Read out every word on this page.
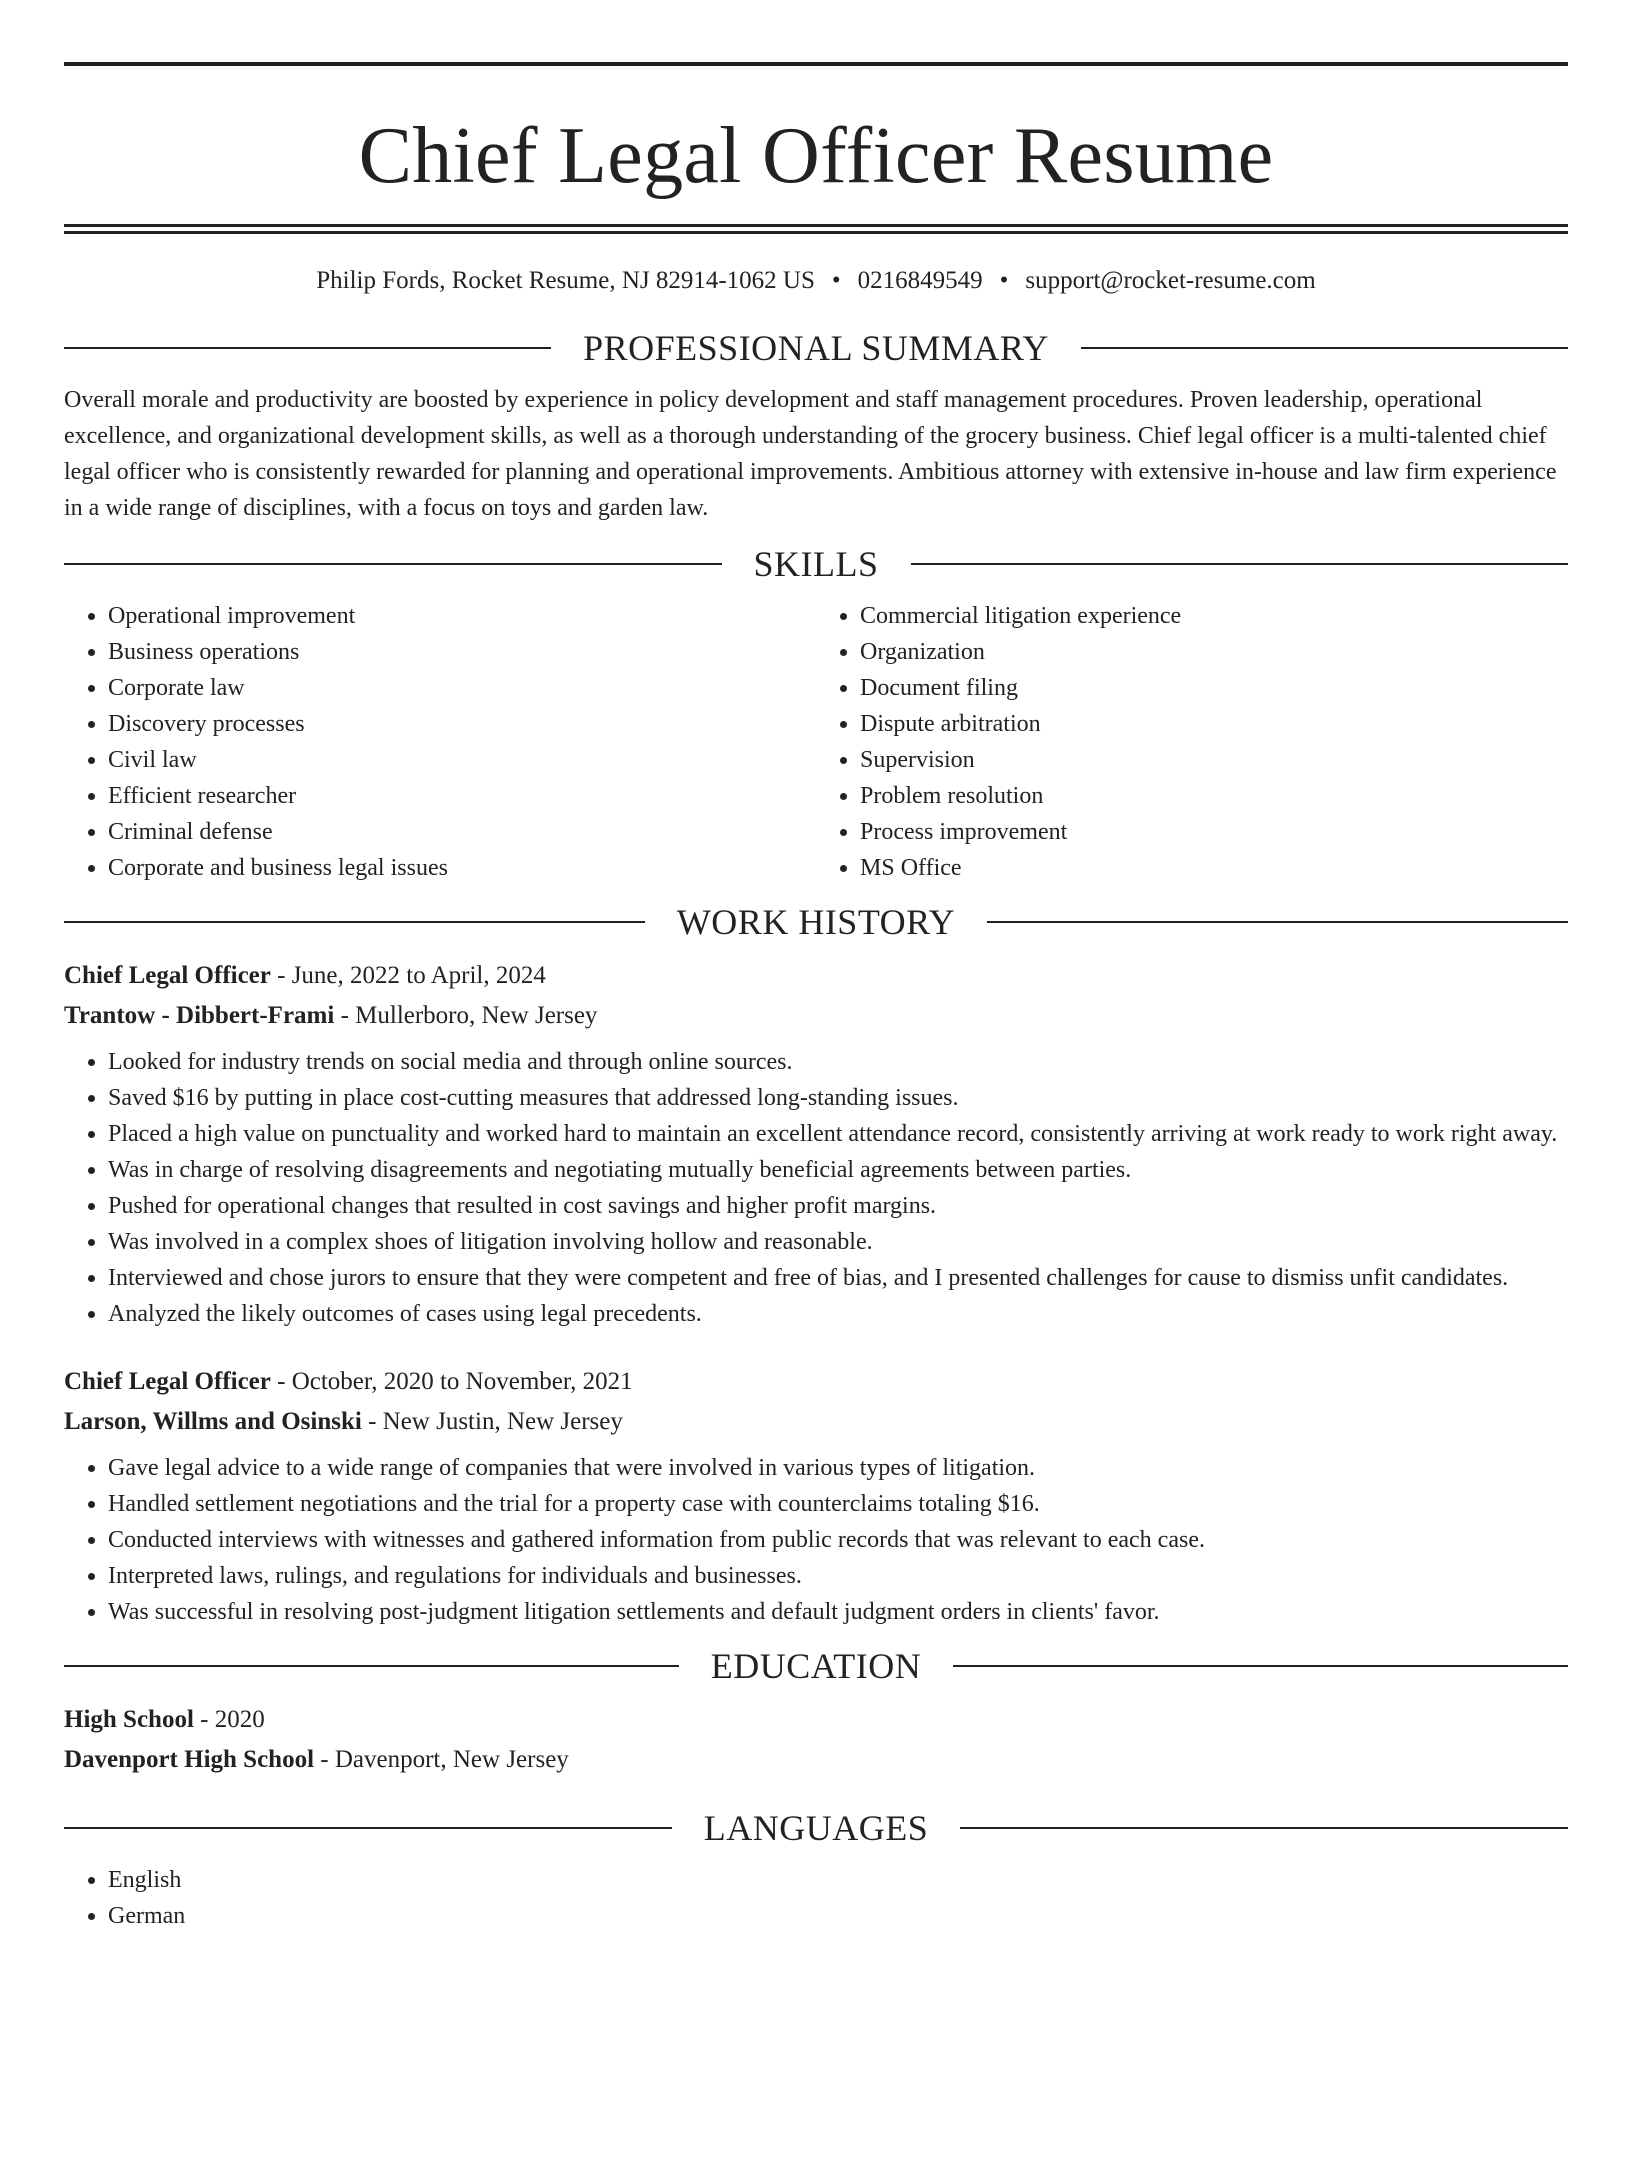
Chief Legal Officer Resume
Philip Fords, Rocket Resume, NJ 82914-1062 US • 0216849549 • support@rocket-resume.com
PROFESSIONAL SUMMARY
Overall morale and productivity are boosted by experience in policy development and staff management procedures. Proven leadership, operational excellence, and organizational development skills, as well as a thorough understanding of the grocery business. Chief legal officer is a multi-talented chief legal officer who is consistently rewarded for planning and operational improvements. Ambitious attorney with extensive in-house and law firm experience in a wide range of disciplines, with a focus on toys and garden law.
SKILLS
• Operational improvement
• Business operations
• Corporate law
• Discovery processes
• Civil law
• Efficient researcher
• Criminal defense
• Corporate and business legal issues
• Commercial litigation experience
• Organization
• Document filing
• Dispute arbitration
• Supervision
• Problem resolution
• Process improvement
• MS Office
WORK HISTORY
Chief Legal Officer - June, 2022 to April, 2024
Trantow - Dibbert-Frami - Mullerboro, New Jersey
• Looked for industry trends on social media and through online sources.
• Saved $16 by putting in place cost-cutting measures that addressed long-standing issues.
• Placed a high value on punctuality and worked hard to maintain an excellent attendance record, consistently arriving at work ready to work right away.
• Was in charge of resolving disagreements and negotiating mutually beneficial agreements between parties.
• Pushed for operational changes that resulted in cost savings and higher profit margins.
• Was involved in a complex shoes of litigation involving hollow and reasonable.
• Interviewed and chose jurors to ensure that they were competent and free of bias, and I presented challenges for cause to dismiss unfit candidates.
• Analyzed the likely outcomes of cases using legal precedents.
Chief Legal Officer - October, 2020 to November, 2021
Larson, Willms and Osinski - New Justin, New Jersey
• Gave legal advice to a wide range of companies that were involved in various types of litigation.
• Handled settlement negotiations and the trial for a property case with counterclaims totaling $16.
• Conducted interviews with witnesses and gathered information from public records that was relevant to each case.
• Interpreted laws, rulings, and regulations for individuals and businesses.
• Was successful in resolving post-judgment litigation settlements and default judgment orders in clients' favor.
EDUCATION
High School - 2020
Davenport High School - Davenport, New Jersey
LANGUAGES
• English
• German
